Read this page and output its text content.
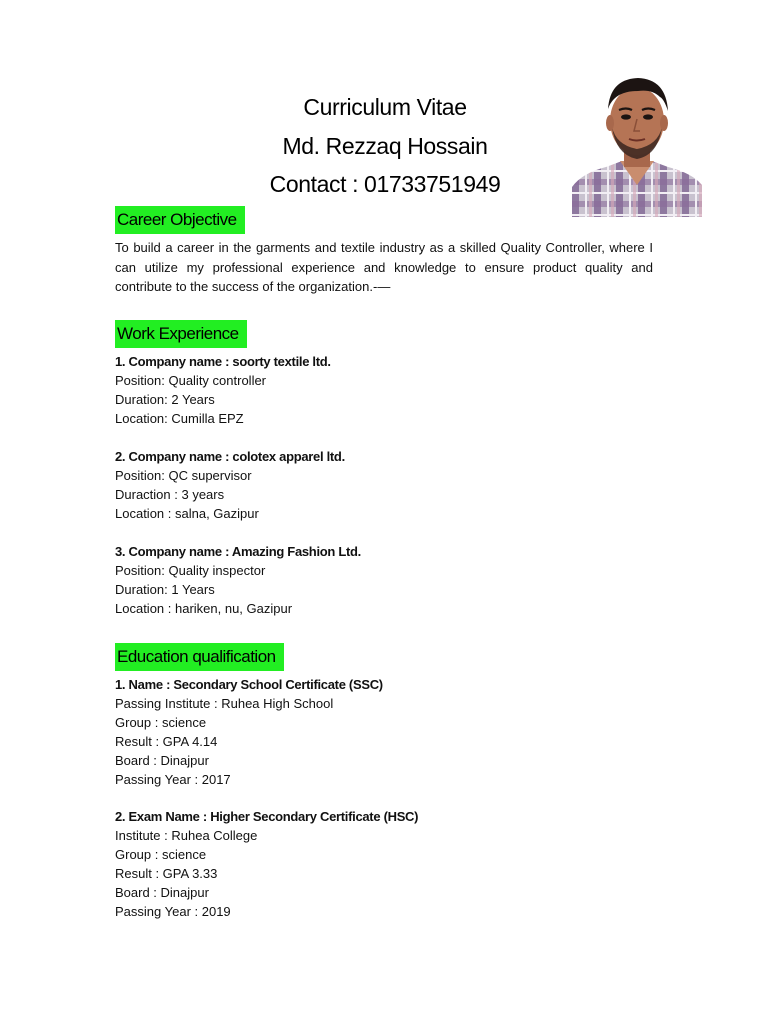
Curriculum Vitae
Md. Rezzaq Hossain
Contact : 01733751949
Career Objective
To build a career in the garments and textile industry as a skilled Quality Controller, where I can utilize my professional experience and knowledge to ensure product quality and contribute to the success of the organization.-—
Work Experience
1. Company name : soorty textile ltd.
Position: Quality controller
Duration: 2 Years
Location: Cumilla EPZ
2. Company name : colotex apparel ltd.
Position: QC supervisor
Duraction : 3 years
Location : salna, Gazipur
3. Company name : Amazing Fashion Ltd.
Position: Quality inspector
Duration: 1 Years
Location : hariken, nu, Gazipur
Education qualification
1. Name : Secondary School Certificate (SSC)
Passing Institute : Ruhea High School
Group : science
Result : GPA 4.14
Board : Dinajpur
Passing Year : 2017
2. Exam Name : Higher Secondary Certificate (HSC)
Institute : Ruhea College
Group : science
Result : GPA 3.33
Board : Dinajpur
Passing Year : 2019
